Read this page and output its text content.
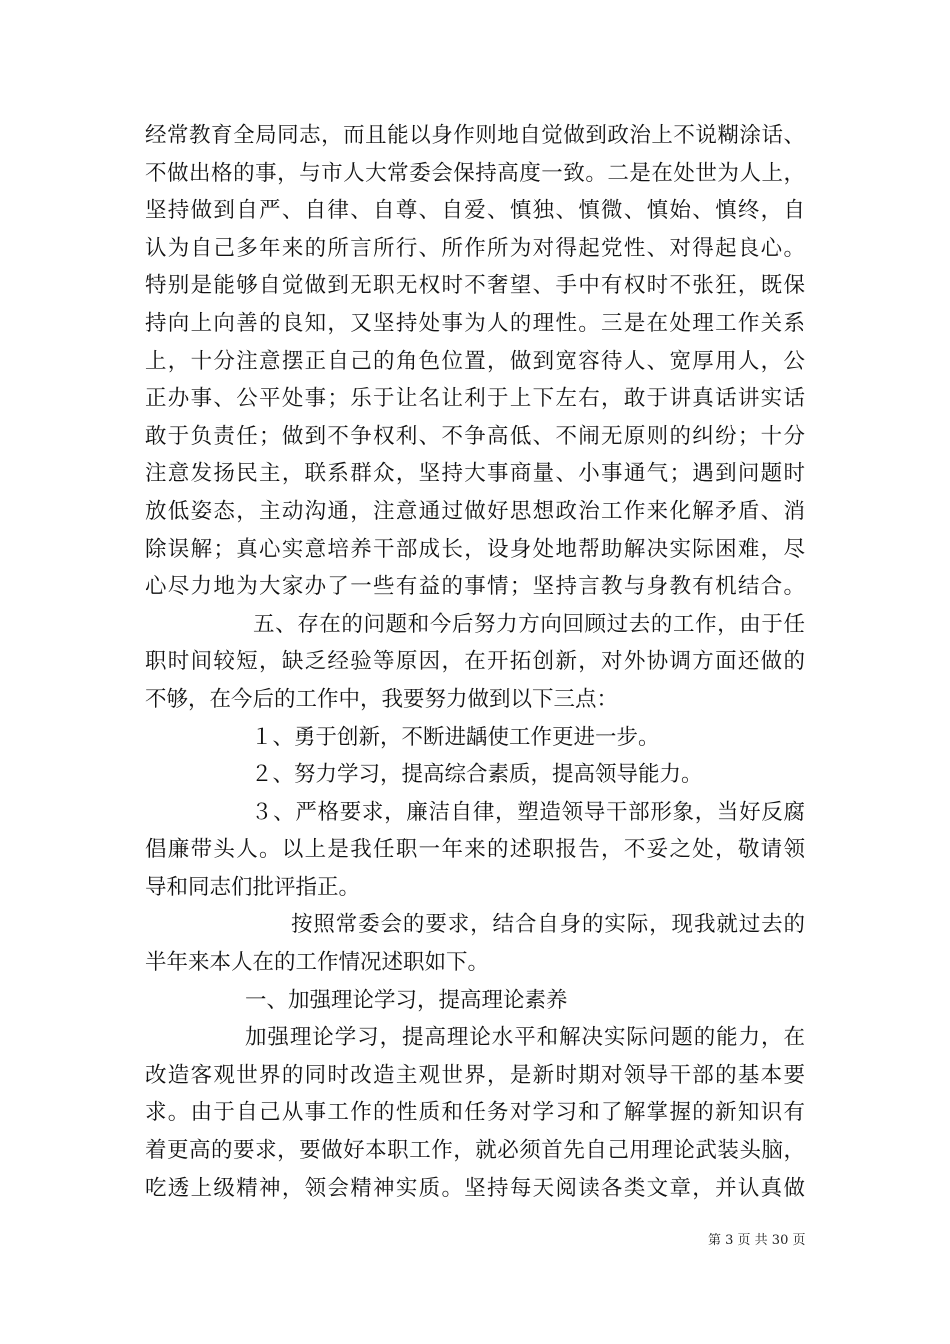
经常教育全局同志，而且能以身作则地自觉做到政治上不说糊涂话、
不做出格的事，与市人大常委会保持高度一致。二是在处世为人上，
坚持做到自严、自律、自尊、自爱、慎独、慎微、慎始、慎终，自
认为自己多年来的所言所行、所作所为对得起党性、对得起良心。
特别是能够自觉做到无职无权时不奢望、手中有权时不张狂，既保
持向上向善的良知，又坚持处事为人的理性。三是在处理工作关系
上，十分注意摆正自己的角色位置，做到宽容待人、宽厚用人，公
正办事、公平处事；乐于让名让利于上下左右，敢于讲真话讲实话
敢于负责任；做到不争权利、不争高低、不闹无原则的纠纷；十分
注意发扬民主，联系群众，坚持大事商量、小事通气；遇到问题时
放低姿态，主动沟通，注意通过做好思想政治工作来化解矛盾、消
除误解；真心实意培养干部成长，设身处地帮助解决实际困难，尽
心尽力地为大家办了一些有益的事情；坚持言教与身教有机结合。
五、存在的问题和今后努力方向回顾过去的工作，由于任
职时间较短，缺乏经验等原因，在开拓创新，对外协调方面还做的
不够，在今后的工作中，我要努力做到以下三点：
１、勇于创新，不断进龋使工作更进一步。
２、努力学习，提高综合素质，提高领导能力。
３、严格要求，廉洁自律，塑造领导干部形象，当好反腐
倡廉带头人。以上是我任职一年来的述职报告，不妥之处，敬请领
导和同志们批评指正。
按照常委会的要求，结合自身的实际，现我就过去的
半年来本人在的工作情况述职如下。
一、加强理论学习，提高理论素养
加强理论学习，提高理论水平和解决实际问题的能力，在
改造客观世界的同时改造主观世界，是新时期对领导干部的基本要
求。由于自己从事工作的性质和任务对学习和了解掌握的新知识有
着更高的要求，要做好本职工作，就必须首先自己用理论武装头脑，
吃透上级精神，领会精神实质。坚持每天阅读各类文章，并认真做
第 3 页 共 30 页
